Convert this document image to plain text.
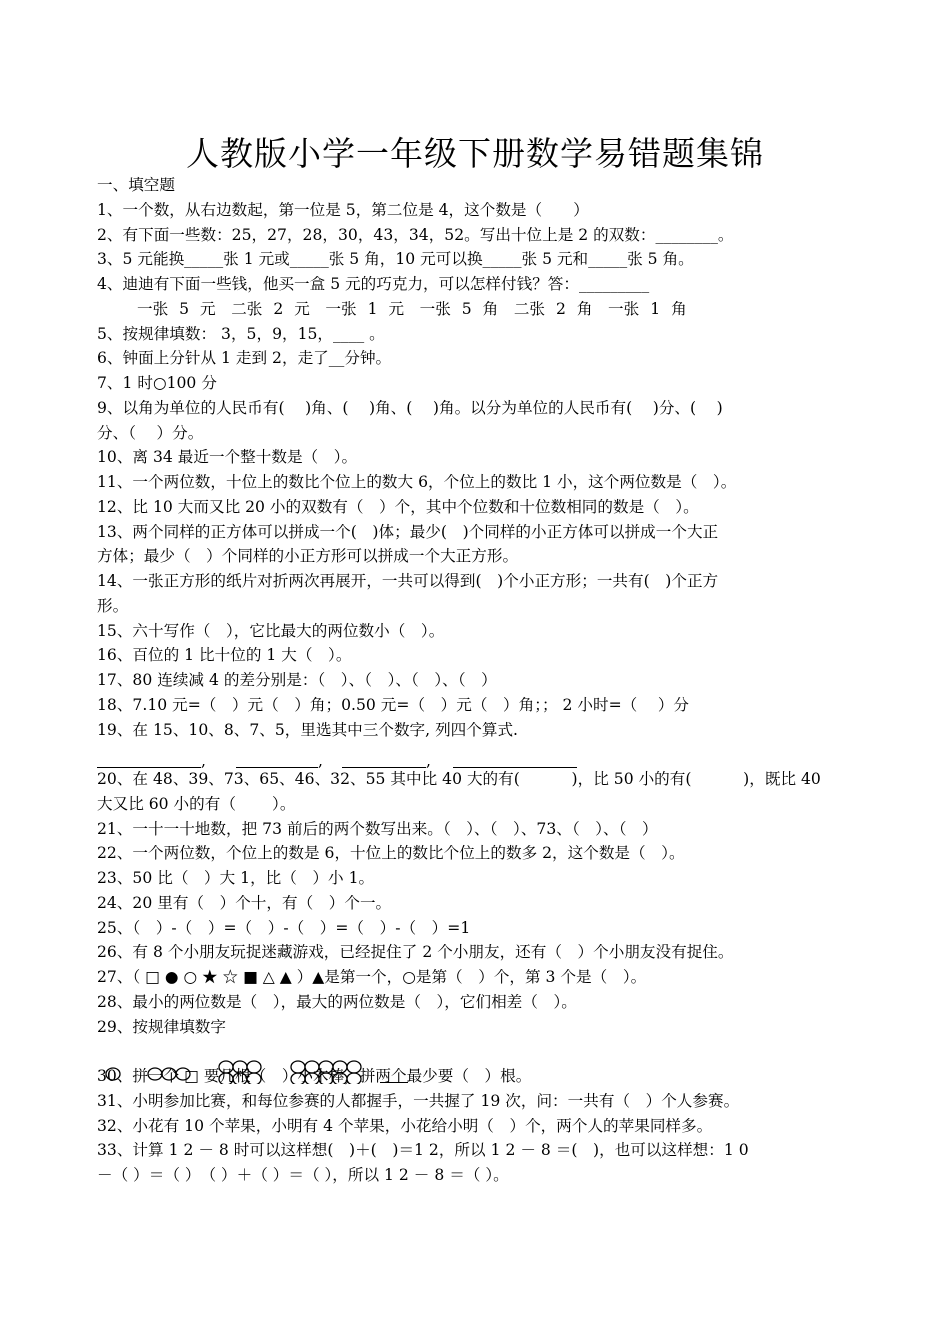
人教版小学一年级下册数学易错题集锦
一、填空题
1、一个数，从右边数起，第一位是 5，第二位是 4，这个数是（　　）
2、有下面一些数：25，27，28，30，43，34，52。写出十位上是 2 的双数：________。
3、5 元能换_____张 1 元或_____张 5 角，10 元可以换_____张 5 元和_____张 5 角。
4、迪迪有下面一些钱，他买一盒 5 元的巧克力，可以怎样付钱？答：_________
一张 5 元　二张 2 元　一张 1 元　一张 5 角　二张 2 角　一张 1 角
5、按规律填数： 3，5，9，15，____ 。
6、钟面上分针从 1 走到 2，走了__分钟。
7、1 时○100 分
9、以角为单位的人民币有(　 )角、(　 )角、(　 )角。以分为单位的人民币有(　 )分、(　 )
分、（　 ）分。
10、离 34 最近一个整十数是（　）。
11、一个两位数，十位上的数比个位上的数大 6，个位上的数比 1 小，这个两位数是（　）。
12、比 10 大而又比 20 小的双数有（　）个，其中个位数和十位数相同的数是（　）。
13、两个同样的正方体可以拼成一个(　)体；最少(　)个同样的小正方体可以拼成一个大正
方体；最少（　）个同样的小正方形可以拼成一个大正方形。
14、一张正方形的纸片对折两次再展开，一共可以得到(　)个小正方形；一共有(　)个正方
形。
15、六十写作（　），它比最大的两位数小（　）。
16、百位的 1 比十位的 1 大（　）。
17、80 连续减 4 的差分别是：（　）、（　）、（　）、（　）
18、7.10 元=（　）元（　）角；0.50 元=（　）元（　）角；； 2 小时=（　 ）分
19、在 15、10、8、7、5，里选其中三个数字, 列四个算式.
20、在 48、39、73、65、46、32、55 其中比 40 大的有(　　　 )，比 50 小的有(　　　 )，既比 40
大又比 60 小的有（　　 ）。
21、一十一十地数，把 73 前后的两个数写出来。（　）、（　）、73、（　）、（　）
22、一个两位数，个位上的数是 6，十位上的数比个位上的数多 2，这个数是（　）。
23、50 比（　）大 1，比（　）小 1。
24、20 里有（　）个十，有（　）个一。
25、（　）-（　）=（　）-（　）=（　）-（　）=1
26、有 8 个小朋友玩捉迷藏游戏，已经捉住了 2 个小朋友，还有（　）个小朋友没有捉住。
27、（ □ ● ○ ★ ☆ ■ △ ▲ ）▲是第一个，○是第（　）个，第 3 个是（　）。
28、最小的两位数是（　），最大的两位数是（　），它们相差（　）。
29、按规律填数字
30、拼一个 □ 要几根（　）小木棒，拼两个最少要（　）根。
31、小明参加比赛，和每位参赛的人都握手，一共握了 19 次，问：一共有（　）个人参赛。
32、小花有 10 个苹果，小明有 4 个苹果，小花给小明（　）个，两个人的苹果同样多。
33、计算 1 2 － 8 时可以这样想(　)＋(　)＝1 2，所以 1 2 － 8 ＝(　)，也可以这样想：1 0
－（ ）＝（ ）　（ ）＋（ ）＝（ ），所以 1 2 － 8 ＝（ ）。
,	,	,
